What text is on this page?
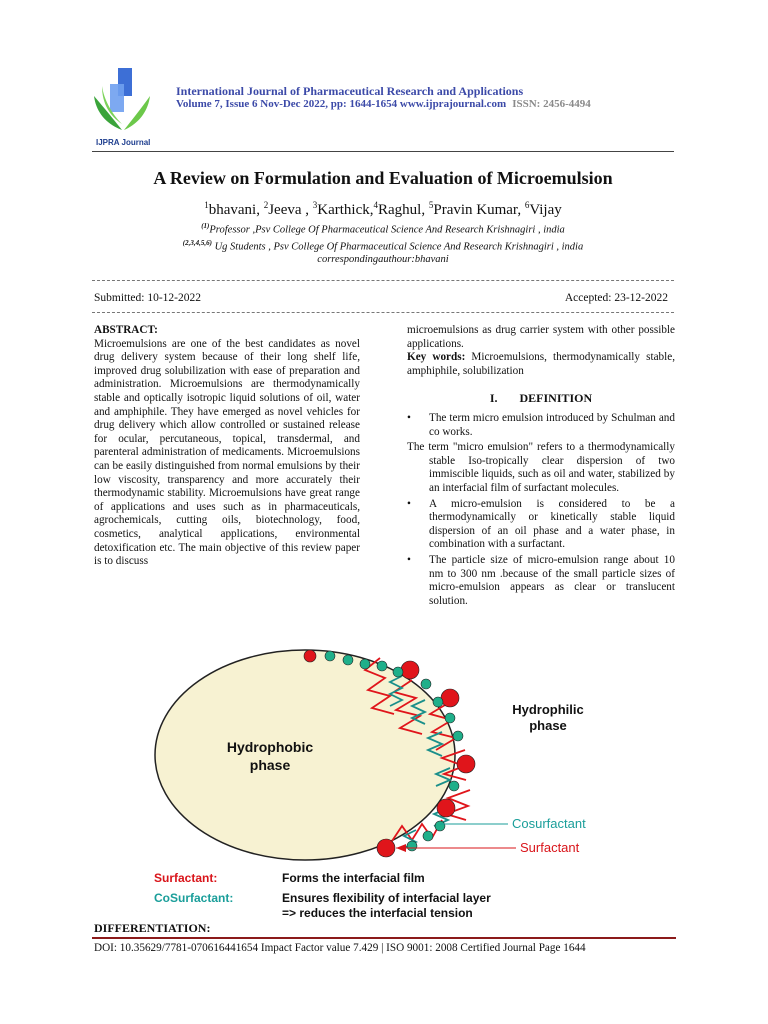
IJPRA Journal
International Journal of Pharmaceutical Research and Applications
Volume 7, Issue 6 Nov-Dec 2022, pp: 1644-1654 www.ijprajournal.com ISSN: 2456-4494
A Review on Formulation and Evaluation of Microemulsion
$^1$bhavani, $^2$Jeeva , $^3$Karthick,$^4$Raghul, $^5$Pravin Kumar, $^6$Vijay
$^{(1)}$Professor ,Psv College Of Pharmaceutical Science And Research Krishnagiri , india
$^{(2,3,4,5,6)}$ Ug Students , Psv College Of Pharmaceutical Science And Research Krishnagiri , india
correspondingauthour:bhavani
Submitted: 10-12-2022	Accepted: 23-12-2022
ABSTRACT:
Microemulsions are one of the best candidates as novel drug delivery system because of their long shelf life, improved drug solubilization with ease of preparation and administration. Microemulsions are thermodynamically stable and optically isotropic liquid solutions of oil, water and amphiphile. They have emerged as novel vehicles for drug delivery which allow controlled or sustained release for ocular, percutaneous, topical, transdermal, and parenteral administration of medicaments. Microemulsions can be easily distinguished from normal emulsions by their low viscosity, transparency and more accurately their thermodynamic stability. Microemulsions have great range of applications and uses such as in pharmaceuticals, agrochemicals, cutting oils, biotechnology, food, cosmetics, analytical applications, environmental detoxification etc. The main objective of this review paper is to discuss
microemulsions as drug carrier system with other possible applications.
Key words: Microemulsions, thermodynamically stable, amphiphile, solubilization
I. DEFINITION
• The term micro emulsion introduced by Schulman and co works.
The term "micro emulsion" refers to a thermodynamically stable Iso-tropically clear dispersion of two immiscible liquids, such as oil and water, stabilized by an interfacial film of surfactant molecules.
• A micro-emulsion is considered to be a thermodynamically or kinetically stable liquid dispersion of an oil phase and a water phase, in combination with a surfactant.
• The particle size of micro-emulsion range about 10 nm to 300 nm .because of the small particle sizes of micro-emulsion appears as clear or translucent solution.
Hydrophobic
phase
Hydrophilic
phase
Cosurfactant
Surfactant
Surfactant:	Forms the interfacial film
CoSurfactant:	Ensures flexibility of interfacial layer
=> reduces the interfacial tension
DIFFERENTIATION:
DOI: 10.35629/7781-070616441654 Impact Factor value 7.429 | ISO 9001: 2008 Certified Journal Page 1644
